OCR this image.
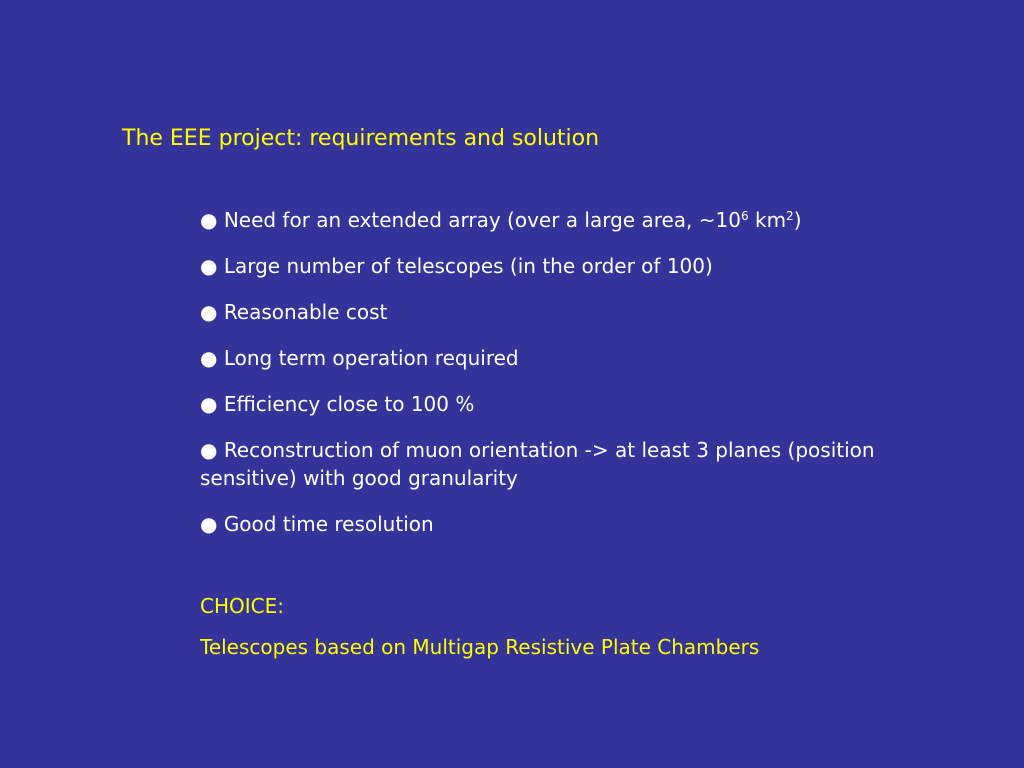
The EEE project: requirements and solution

● Need for an extended array (over a large area, $\sim 10^6$ $km^2$)

● Large number of telescopes (in the order of 100)

● Reasonable cost

● Long term operation required

● Efficiency close to 100 %

● Reconstruction of muon orientation -> at least 3 planes (position sensitive) with good granularity

● Good time resolution

CHOICE:
Telescopes based on Multigap Resistive Plate Chambers
